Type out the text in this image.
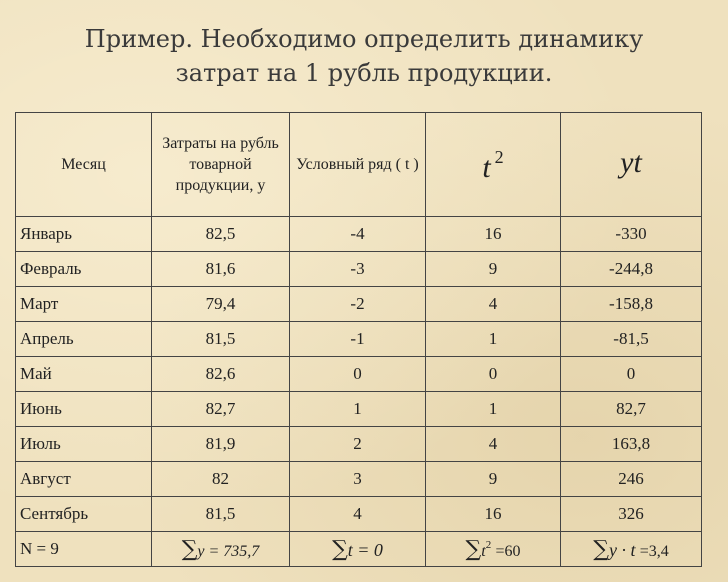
Пример. Необходимо определить динамику
затрат на 1 рубль продукции.
Месяц	Затраты на рубль товарной продукции, у	Условный ряд ( t )	t 2	yt
Январь	82,5	-4	16	-330
Февраль	81,6	-3	9	-244,8
Март	79,4	-2	4	-158,8
Апрель	81,5	-1	1	-81,5
Май	82,6	0	0	0
Июнь	82,7	1	1	82,7
Июль	81,9	2	4	163,8
Август	82	3	9	246
Сентябрь	81,5	4	16	326
N = 9	∑y = 735,7	∑t = 0	$\sum t^2 =60$	∑y · t =3,4
